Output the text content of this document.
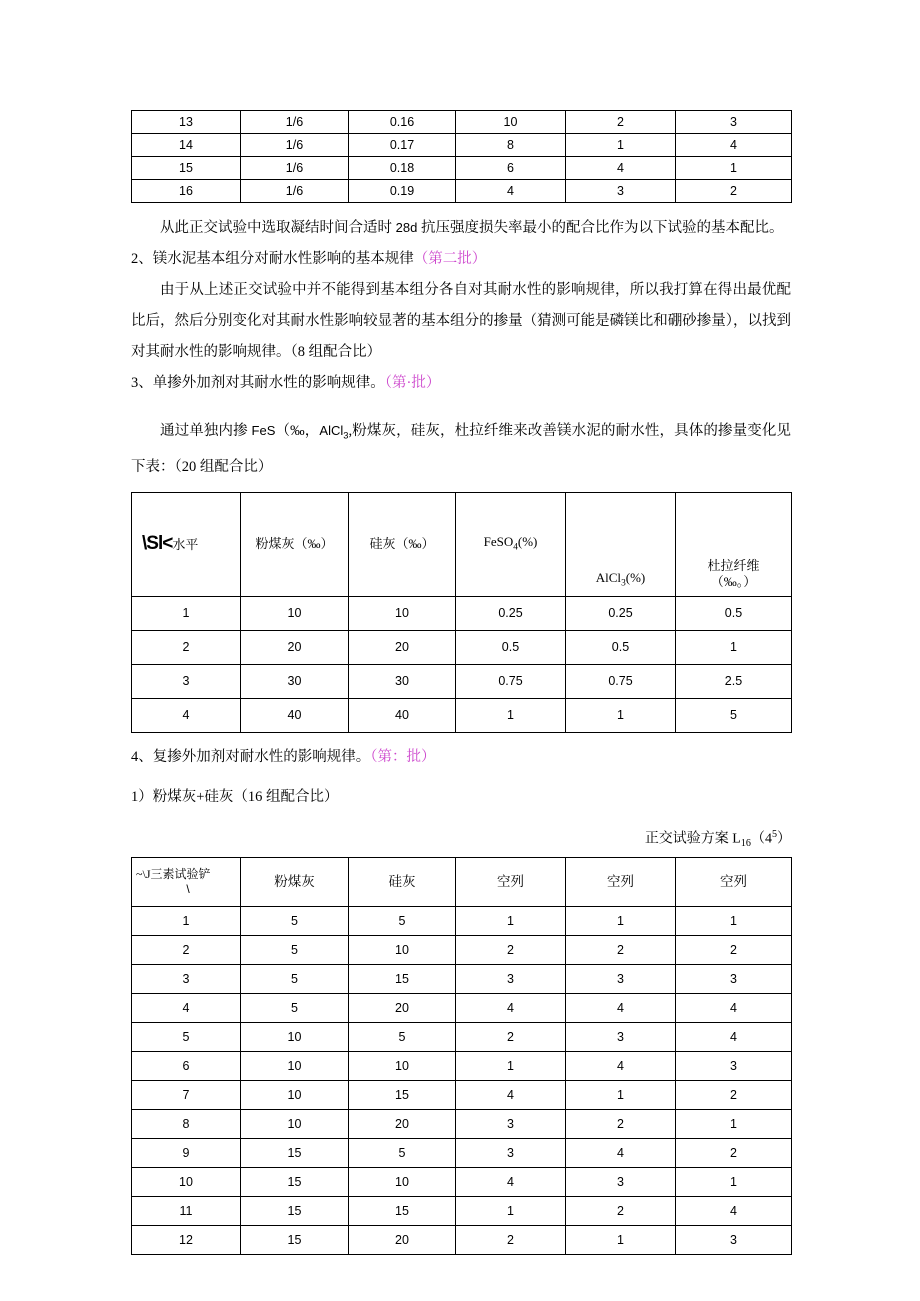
13	1/6	0.16	10	2	3
14	1/6	0.17	8	1	4
15	1/6	0.18	6	4	1
16	1/6	0.19	4	3	2

从此正交试验中选取凝结时间合适时 28d 抗压强度损失率最小的配合比作为以下试验的基本配比。

2、镁水泥基本组分对耐水性影响的基本规律（第二批）

由于从上述正交试验中并不能得到基本组分各自对其耐水性的影响规律，所以我打算在得出最优配比后，然后分别变化对其耐水性影响较显著的基本组分的掺量（猜测可能是磷镁比和硼砂掺量），以找到对其耐水性的影响规律。（8 组配合比）

3、单掺外加剂对其耐水性的影响规律。（第·批）

通过单独内掺 FeS（‰，AlCl$_3$,粉煤灰，硅灰，杜拉纤维来改善镁水泥的耐水性，具体的掺量变化见下表：（20 组配合比）

\Sl<水平	粉煤灰（‰）	硅灰（‰）	FeSO$_4$(%)	AlCl$_3$(%)	杜拉纤维
（‰。）

1	10	10	0.25	0.25	0.5
2	20	20	0.5	0.5	1
3	30	30	0.75	0.75	2.5
4	40	40	1	1	5

4、复掺外加剂对耐水性的影响规律。（第：批）

1）粉煤灰+硅灰（16 组配合比）

正交试验方案 $L_{16}(4^5)$

~\J三素试验铲
\	粉煤灰	硅灰	空列	空列	空列
1	5	5	1	1	1
2	5	10	2	2	2
3	5	15	3	3	3
4	5	20	4	4	4
5	10	5	2	3	4
6	10	10	1	4	3
7	10	15	4	1	2
8	10	20	3	2	1
9	15	5	3	4	2
10	15	10	4	3	1
11	15	15	1	2	4
12	15	20	2	1	3
